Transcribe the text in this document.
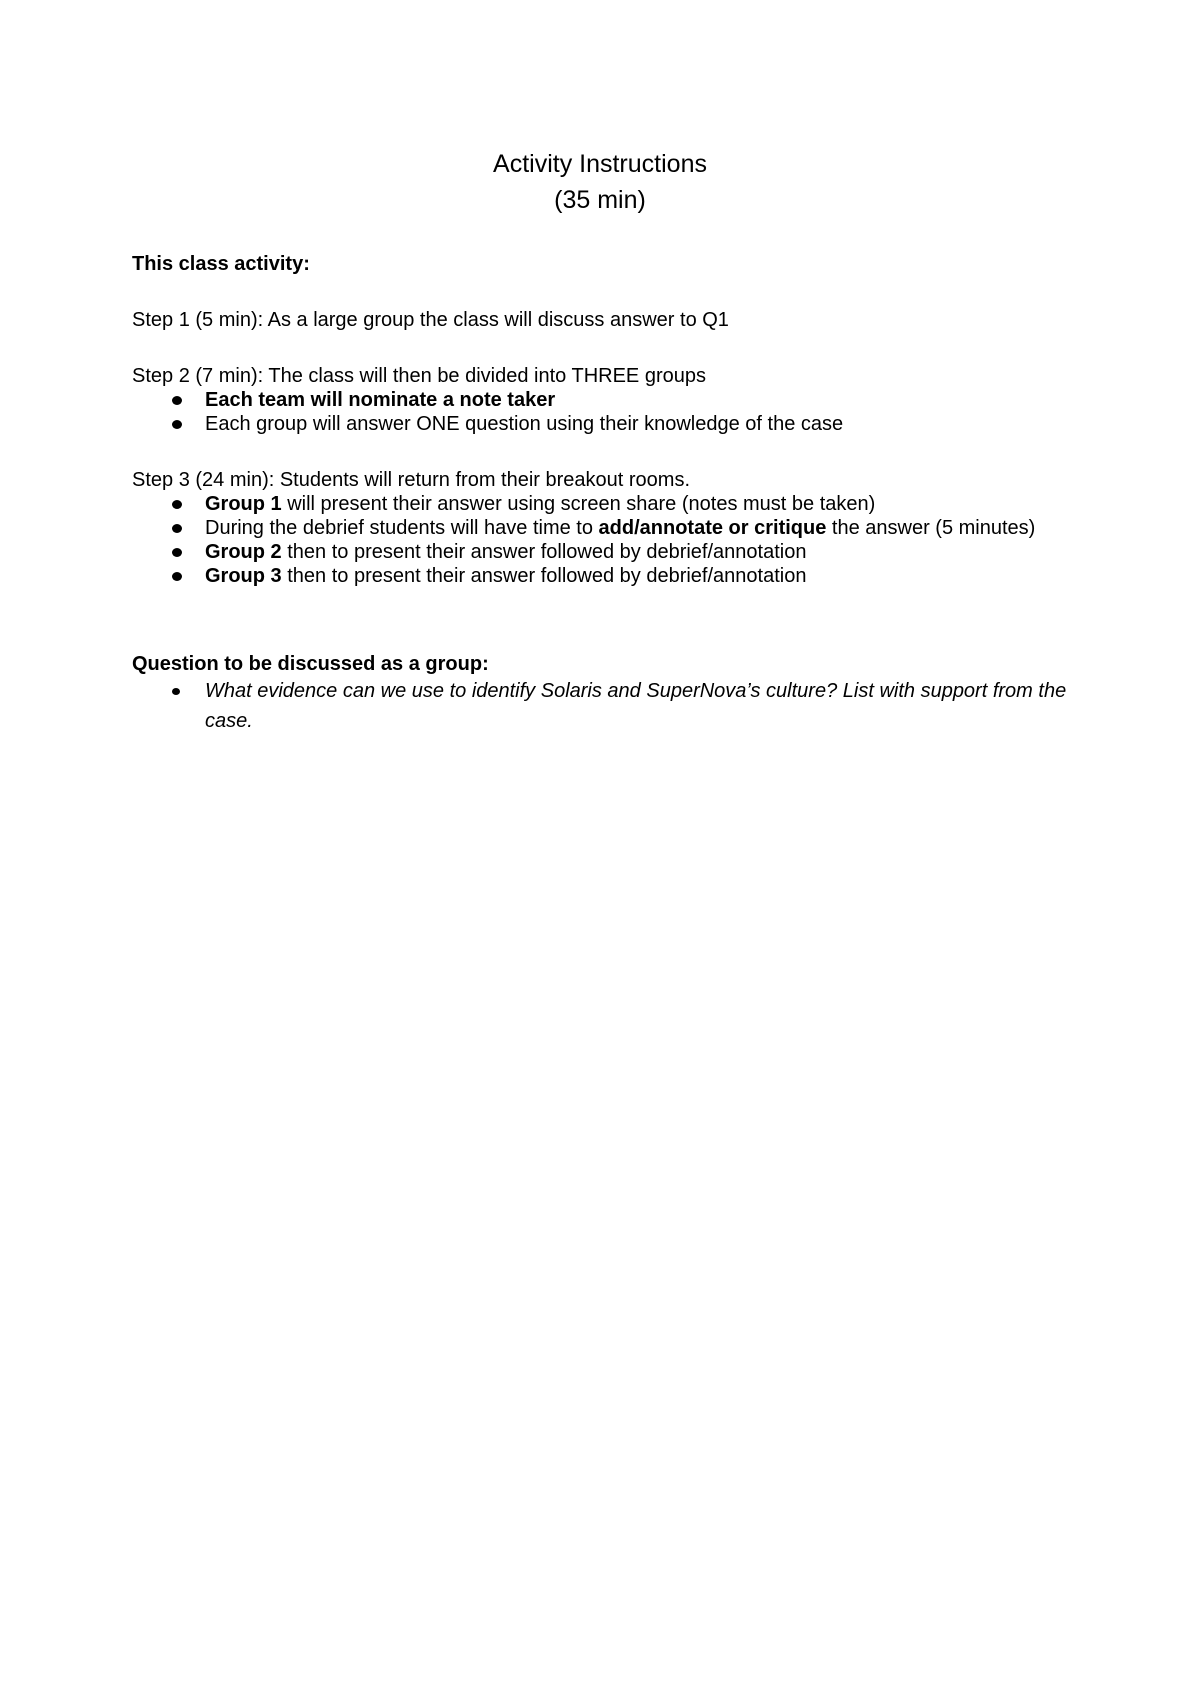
Activity Instructions
(35 min)

This class activity:

Step 1 (5 min): As a large group the class will discuss answer to Q1

Step 2 (7 min): The class will then be divided into THREE groups

Each team will nominate a note taker
Each group will answer ONE question using their knowledge of the case

Step 3 (24 min): Students will return from their breakout rooms.

Group 1 will present their answer using screen share (notes must be taken)
During the debrief students will have time to add/annotate or critique the answer (5 minutes)
Group 2 then to present their answer followed by debrief/annotation
Group 3 then to present their answer followed by debrief/annotation

Question to be discussed as a group:

What evidence can we use to identify Solaris and SuperNova’s culture? List with support from the case.
